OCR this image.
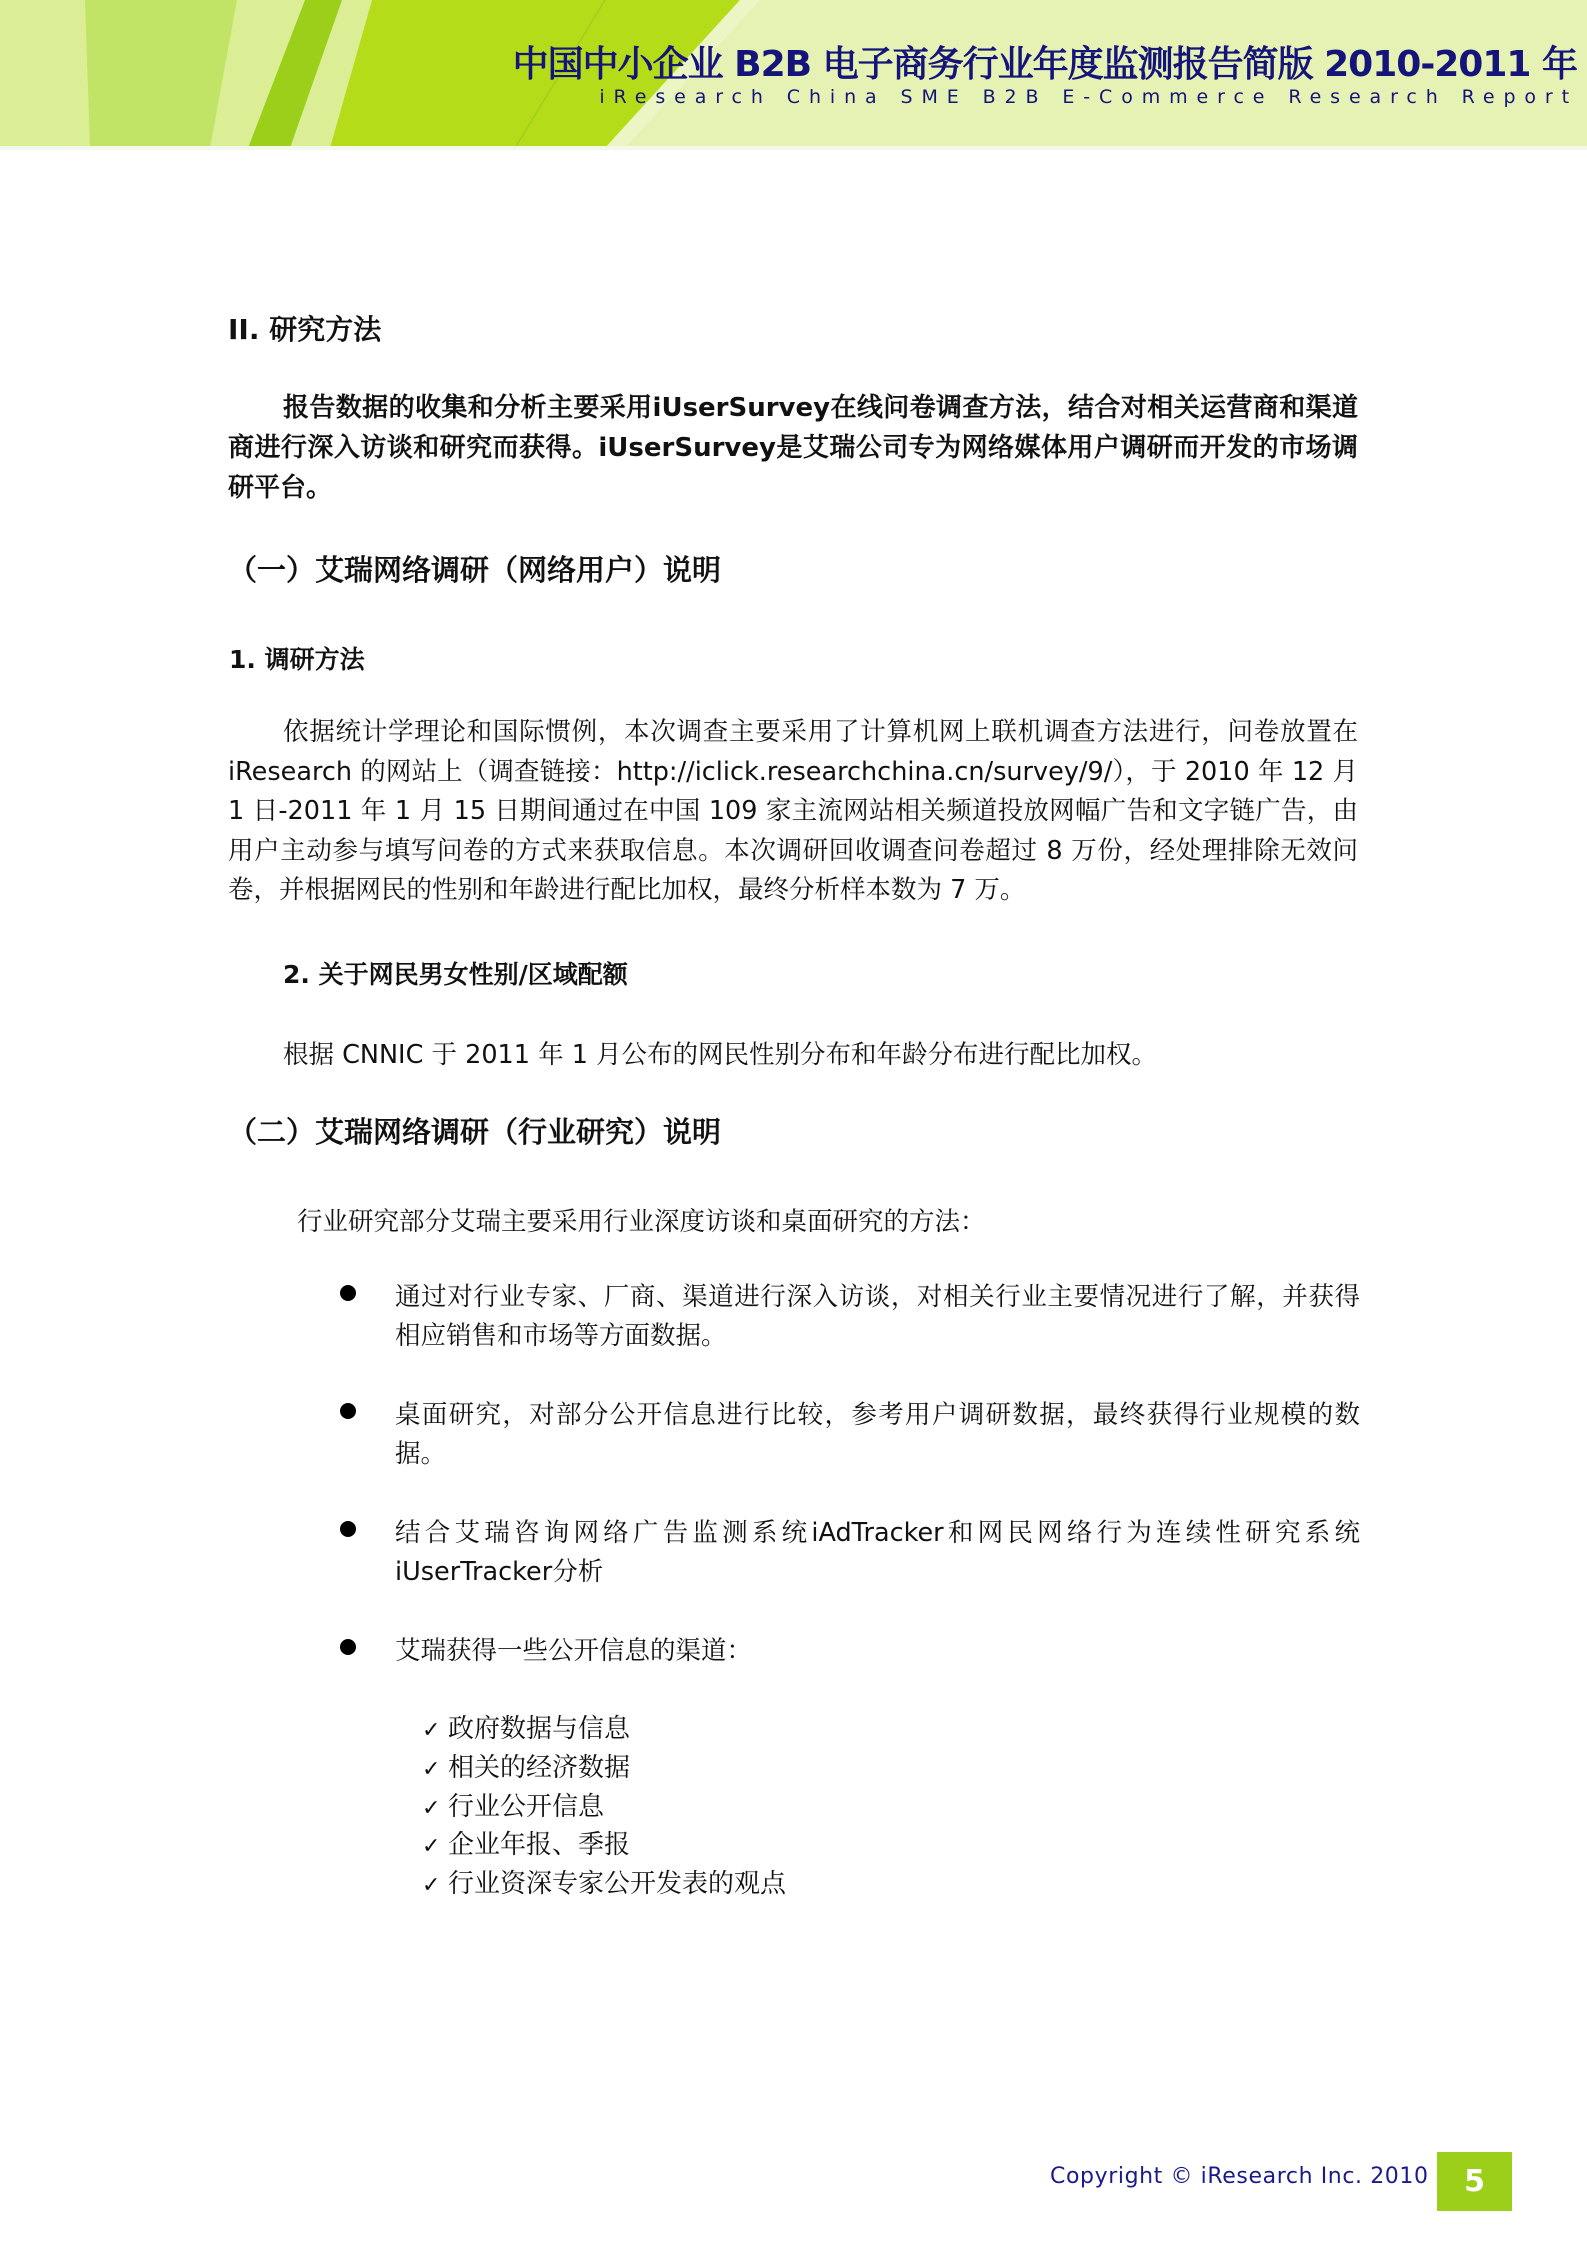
中国中小企业 B2B 电子商务行业年度监测报告简版 2010-2011 年
iResearch China SME B2B E-Commerce Research Report
II. 研究方法
报告数据的收集和分析主要采用iUserSurvey在线问卷调查方法，结合对相关运营商和渠道商进行深入访谈和研究而获得。iUserSurvey是艾瑞公司专为网络媒体用户调研而开发的市场调研平台。
（一）艾瑞网络调研（网络用户）说明
1. 调研方法
依据统计学理论和国际惯例，本次调查主要采用了计算机网上联机调查方法进行，问卷放置在 iResearch 的网站上（调查链接：http://iclick.researchchina.cn/survey/9/），于 2010 年 12 月 1 日-2011 年 1 月 15 日期间通过在中国 109 家主流网站相关频道投放网幅广告和文字链广告，由用户主动参与填写问卷的方式来获取信息。本次调研回收调查问卷超过 8 万份，经处理排除无效问卷，并根据网民的性别和年龄进行配比加权，最终分析样本数为 7 万。
2. 关于网民男女性别/区域配额
根据 CNNIC 于 2011 年 1 月公布的网民性别分布和年龄分布进行配比加权。
（二）艾瑞网络调研（行业研究）说明
行业研究部分艾瑞主要采用行业深度访谈和桌面研究的方法：
通过对行业专家、厂商、渠道进行深入访谈，对相关行业主要情况进行了解，并获得相应销售和市场等方面数据。
桌面研究，对部分公开信息进行比较，参考用户调研数据，最终获得行业规模的数据。
结合艾瑞咨询网络广告监测系统iAdTracker和网民网络行为连续性研究系统iUserTracker分析
艾瑞获得一些公开信息的渠道：
✓ 政府数据与信息
✓ 相关的经济数据
✓ 行业公开信息
✓ 企业年报、季报
✓ 行业资深专家公开发表的观点
Copyright © iResearch Inc. 2010	5
